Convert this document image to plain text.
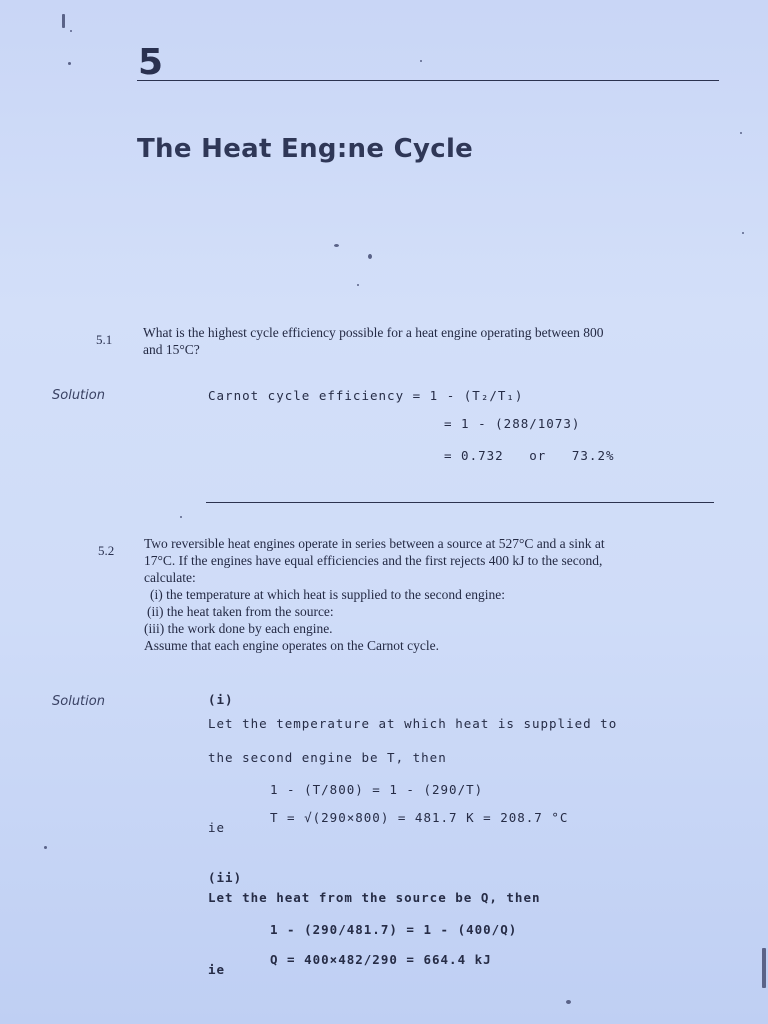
5
The Heat Eng:ne Cycle
5.1 What is the highest cycle efficiency possible for a heat engine operating between 800
and 15°C?
Solution	Carnot cycle efficiency = 1 - (T₂/T₁)
= 1 - (288/1073)
= 0.732   or   73.2%
5.2 Two reversible heat engines operate in series between a source at 527°C and a sink at
17°C. If the engines have equal efficiencies and the first rejects 400 kJ to the second,
calculate:
(i) the temperature at which heat is supplied to the second engine:
(ii) the heat taken from the source:
(iii) the work done by each engine.
Assume that each engine operates on the Carnot cycle.
Solution	(i)
Let the temperature at which heat is supplied to
the second engine be T, then
1 - (T/800) = 1 - (290/T)
ie
T = √(290×800) = 481.7 K = 208.7 °C
(ii)
Let the heat from the source be Q, then
1 - (290/481.7) = 1 - (400/Q)
ie
Q = 400×482/290 = 664.4 kJ
